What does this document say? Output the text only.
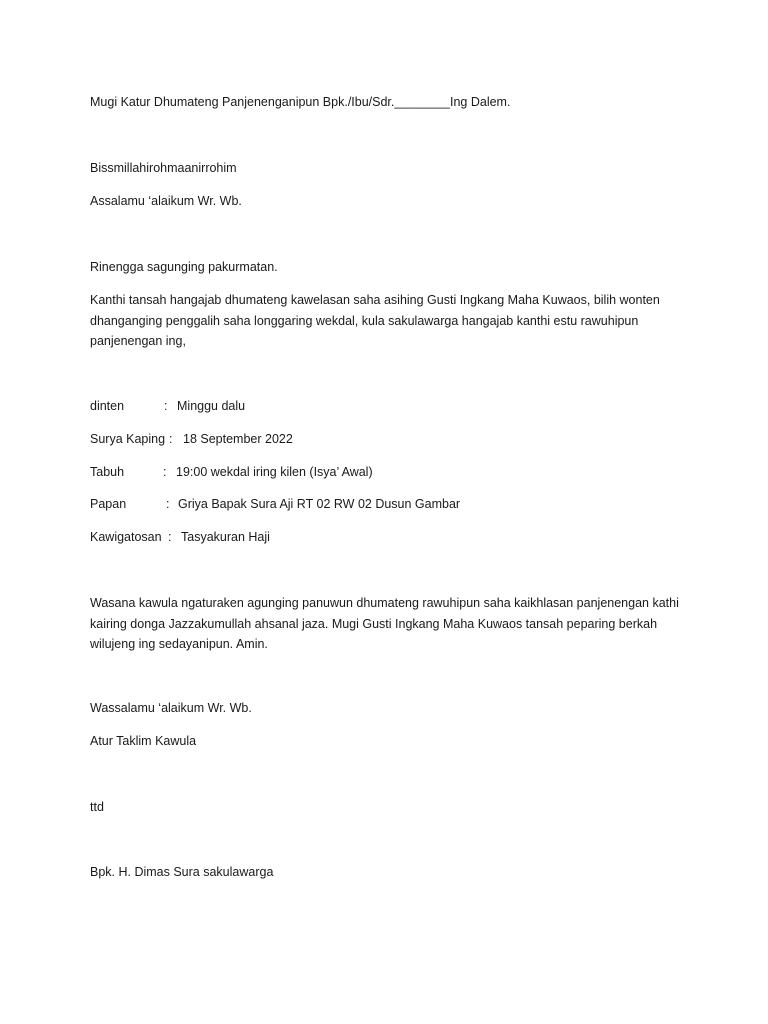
Mugi Katur Dhumateng Panjenenganipun Bpk./Ibu/Sdr.________Ing Dalem.
Bissmillahirohmaanirrohim
Assalamu ‘alaikum Wr. Wb.
Rinengga sagunging pakurmatan.
Kanthi tansah hangajab dhumateng kawelasan saha asihing Gusti Ingkang Maha Kuwaos, bilih wonten dhanganging penggalih saha longgaring wekdal, kula sakulawarga hangajab kanthi estu rawuhipun panjenengan ing,
dinten	: Minggu dalu
Surya Kaping : 18 September 2022
Tabuh	: 19:00 wekdal iring kilen (Isya’ Awal)
Papan	: Griya Bapak Sura Aji RT 02 RW 02 Dusun Gambar
Kawigatosan : Tasyakuran Haji
Wasana kawula ngaturaken agunging panuwun dhumateng rawuhipun saha kaikhlasan panjenengan kathi kairing donga Jazzakumullah ahsanal jaza. Mugi Gusti Ingkang Maha Kuwaos tansah peparing berkah wilujeng ing sedayanipun. Amin.
Wassalamu ‘alaikum Wr. Wb.
Atur Taklim Kawula
ttd
Bpk. H. Dimas Sura sakulawarga
